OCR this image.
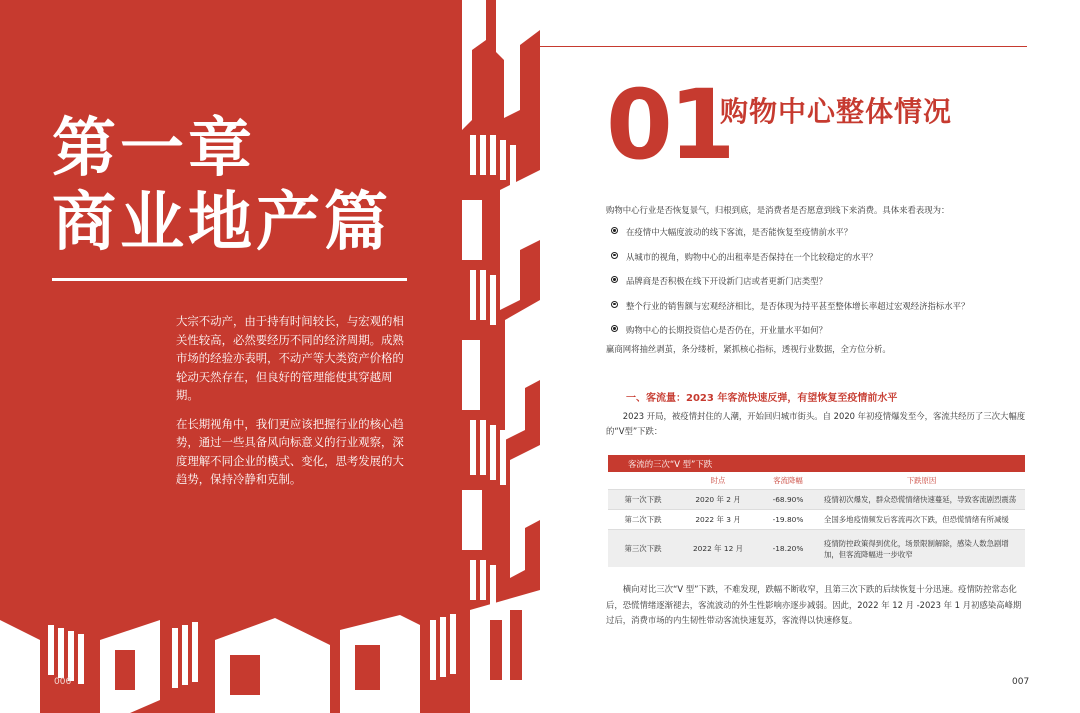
第一章
商业地产篇

大宗不动产，由于持有时间较长，与宏观的相关性较高，必然要经历不同的经济周期。成熟市场的经验亦表明，不动产等大类资产价格的轮动天然存在，但良好的管理能使其穿越周期。

在长期视角中，我们更应该把握行业的核心趋势，通过一些具备风向标意义的行业观察，深度理解不同企业的模式、变化，思考发展的大趋势，保持冷静和克制。

006
01
购物中心整体情况
购物中心行业是否恢复景气，归根到底，是消费者是否愿意到线下来消费。具体来看表现为：
在疫情中大幅度波动的线下客流，是否能恢复至疫情前水平？
从城市的视角，购物中心的出租率是否保持在一个比较稳定的水平？
品牌商是否积极在线下开设新门店或者更新门店类型？
整个行业的销售额与宏观经济相比，是否体现为持平甚至整体增长率超过宏观经济指标水平？
购物中心的长期投资信心是否仍在，开业量水平如何？
赢商网将抽丝剥茧，条分缕析，紧抓核心指标，透视行业数据，全方位分析。
一、客流量：2023 年客流快速反弹，有望恢复至疫情前水平
2023 开局，被疫情封住的人潮，开始回归城市街头。自 2020 年初疫情爆发至今，客流共经历了三次大幅度的“V型”下跌：
客流的三次“V 型”下跌			
	时点	客流降幅	下跌原因
第一次下跌	2020 年 2 月	-68.90%	疫情初次爆发，群众恐慌情绪快速蔓延，导致客流剧烈震荡
第二次下跌	2022 年 3 月	-19.80%	全国多地疫情频发后客流再次下跌，但恐慌情绪有所减缓
第三次下跌	2022 年 12 月	-18.20%	疫情防控政策得到优化，场景限制解除，感染人数急剧增加，但客流降幅进一步收窄
横向对比三次“V 型”下跌，不难发现，跌幅不断收窄，且第三次下跌的后续恢复十分迅速。疫情防控常态化后，恐慌情绪逐渐褪去，客流波动的外生性影响亦逐步减弱。因此，2022 年 12 月 -2023 年 1 月初感染高峰期过后，消费市场的内生韧性带动客流快速复苏，客流得以快速修复。
007
